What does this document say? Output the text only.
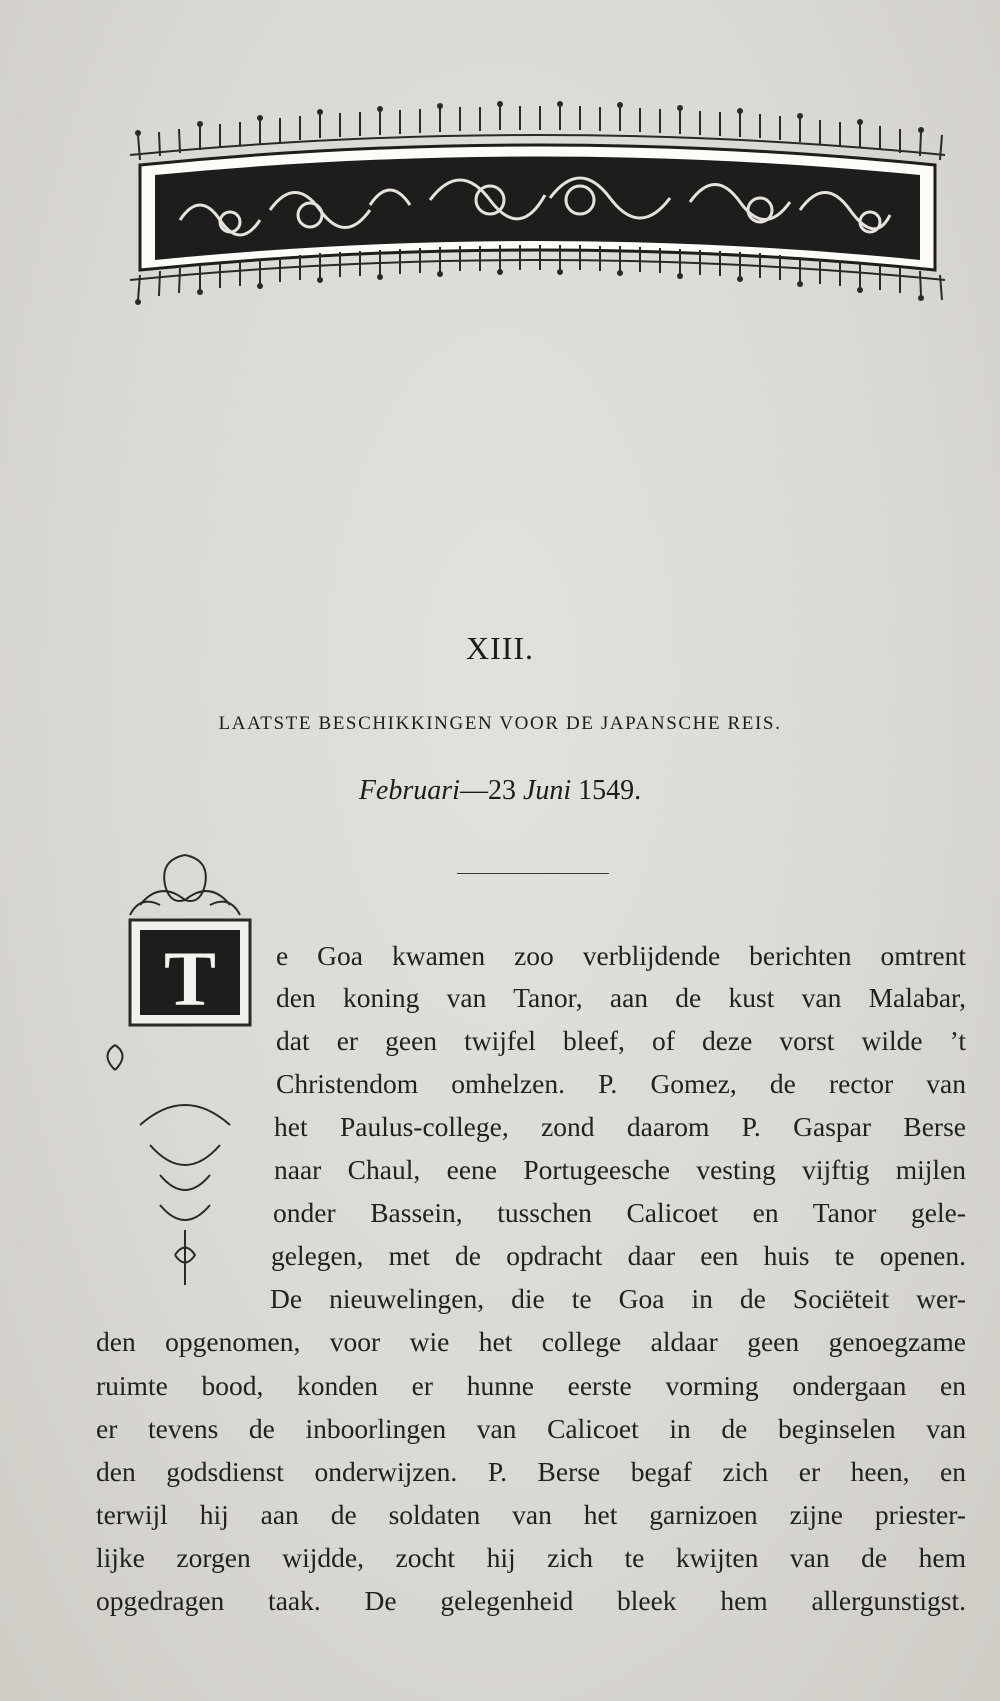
XIII.
LAATSTE BESCHIKKINGEN VOOR DE JAPANSCHE REIS.
Februari—23 Juni 1549.
T e Goa kwamen zoo verblijdende berichten omtrent
den koning van Tanor, aan de kust van Malabar,
dat er geen twijfel bleef, of deze vorst wilde ’t
Christendom omhelzen. P. Gomez, de rector van
het Paulus-college, zond daarom P. Gaspar Berse
naar Chaul, eene Portugeesche vesting vijftig mijlen
onder Bassein, tusschen Calicoet en Tanor gele-
gelegen, met de opdracht daar een huis te openen.
De nieuwelingen, die te Goa in de Sociëteit wer-
den opgenomen, voor wie het college aldaar geen genoegzame
ruimte bood, konden er hunne eerste vorming ondergaan en
er tevens de inboorlingen van Calicoet in de beginselen van
den godsdienst onderwijzen. P. Berse begaf zich er heen, en
terwijl hij aan de soldaten van het garnizoen zijne priester-
lijke zorgen wijdde, zocht hij zich te kwijten van de hem
opgedragen taak. De gelegenheid bleek hem allergunstigst.
